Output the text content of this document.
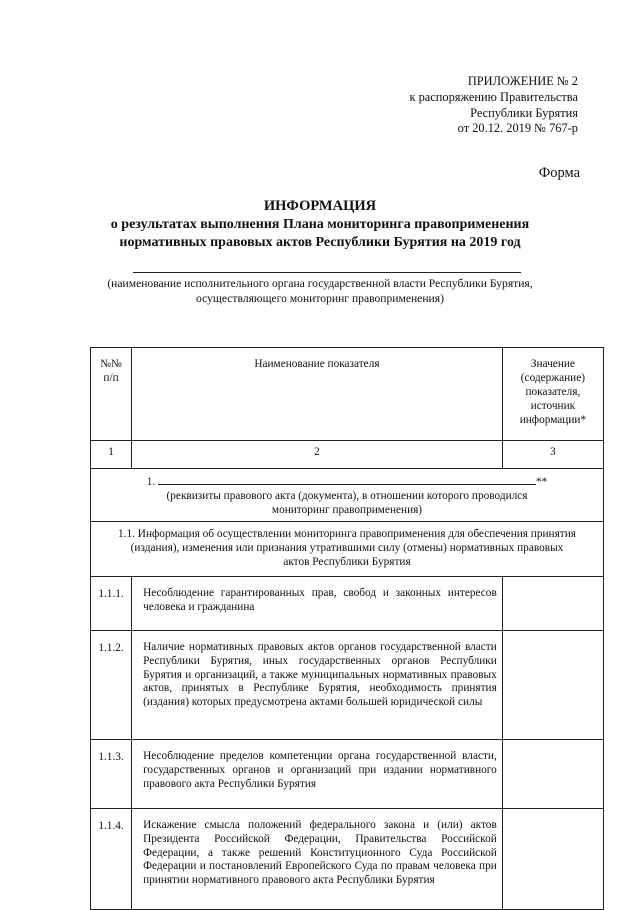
ПРИЛОЖЕНИЕ № 2
к распоряжению Правительства
Республики Бурятия
от 20.12. 2019 № 767-р
Форма
ИНФОРМАЦИЯ
о результатах выполнения Плана мониторинга правоприменения
нормативных правовых актов Республики Бурятия на 2019 год
(наименование исполнительного органа государственной власти Республики Бурятия,
осуществляющего мониторинг правоприменения)
№№
п/п	Наименование показателя	Значение
(содержание)
показателя,
источник
информации*

1	2	3

1. **
(реквизиты правового акта (документа), в отношении которого проводился
мониторинг правоприменения)		

1.1. Информация об осуществлении мониторинга правоприменения для обеспечения принятия
(издания), изменения или признания утратившими силу (отмены) нормативных правовых
актов Республики Бурятия		

1.1.1.	Несоблюдение гарантированных прав, свобод и законных интересов человека и гражданина	
1.1.2.	Наличие нормативных правовых актов органов государственной власти Республики Бурятия, иных государственных органов Республики Бурятия и организаций, а также муниципальных нормативных правовых актов, принятых в Республике Бурятия, необходимость принятия (издания) которых предусмотрена актами большей юридической силы	
1.1.3.	Несоблюдение пределов компетенции органа государственной власти, государственных органов и организаций при издании нормативного правового акта Республики Бурятия	
1.1.4.	Искажение смысла положений федерального закона и (или) актов Президента Российской Федерации, Правительства Российской Федерации, а также решений Конституционного Суда Российской Федерации и постановлений Европейского Суда по правам человека при принятии нормативного правового акта Республики Бурятия	
